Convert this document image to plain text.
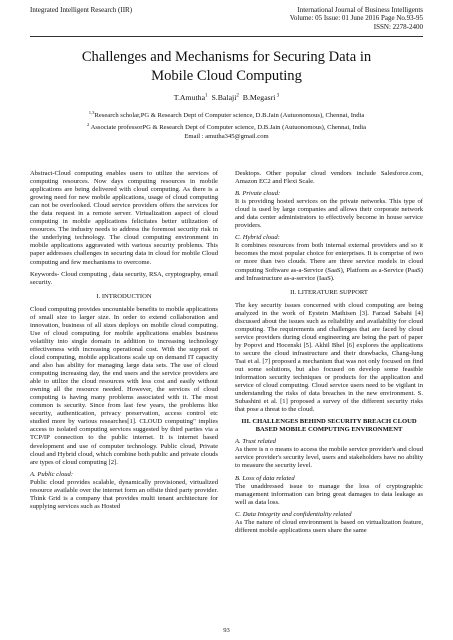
Integrated Intelligent Research (IIR)	International Journal of Business Intelligents
Volume: 05 Issue: 01 June 2016 Page No.93-95
ISSN: 2278-2400
Challenges and Mechanisms for Securing Data in
Mobile Cloud Computing
T.Amutha$^1$ S.Balaji$^2$ B.Megasri $^3$
$^{1,3}$Research scholar,PG & Research Dept of Computer science, D.B.Jain (Autuonomous), Chennai, India
$^2$ Associate professorPG & Research Dept of Computer science, D.B.Jain (Autuonomous), Chennai, India
Email : amutha345@gmail.com

Abstract-Cloud computing enables users to utilize the services of computing resources. Now days computing resources in mobile applications are being delivered with cloud computing. As there is a growing need for new mobile applications, usage of cloud computing can not be overlooked. Cloud service providers offers the services for the data request in a remote server. Virtualization aspect of cloud computing in mobile applications felicitates better utilization of resources. The industry needs to address the foremost security risk in the underlying technology. The cloud computing environment in mobile applications aggravated with various security problems. This paper addresses challenges in securing data in cloud for mobile Cloud computing and few mechanisms to overcome.

Keywords- Cloud computing , data security, RSA, cryptography, email security.

I. INTRODUCTION

Cloud computing provides uncountable benefits to mobile applications of small size to larger size. In order to extend collaboration and innovation, business of all sizes deploys on mobile cloud computing. Use of cloud computing for mobile applications enables business volatility into single domain in addition to increasing technology effectiveness with increasing operational cost. With the support of cloud computing, mobile applications scale up on demand IT capacity and also has ability for managing large data sets. The use of cloud computing increasing day, the end users and the service providers are able to utilize the cloud resources with less cost and easily without owning all the resource needed. However, the services of cloud computing is having many problems associated with it. The most common is security. Since from last few years, the problems like security, authentication, privacy preservation, access control etc studied more by various researches[1]. CLOUD computing" implies access to isolated computing services suggested by third parties via a TCP/IP connection to the public internet. It is internet based development and use of computer technology. Public cloud, Private cloud and Hybrid cloud, which combine both public and private clouds are types of cloud computing [2].

A. Public cloud:

Public cloud provides scalable, dynamically provisioned, virtualized resource available over the internet form an offsite third party provider. Think Grid is a company that provides multi tenant architecture for supplying services such as Hosted

Desktops. Other popular cloud vendors include Salesforce.com, Amazon EC2 and Flexi Scale.

B. Private cloud:

It is providing hosted services on the private networks. This type of cloud is used by large companies and allows their corporate network and data center administrators to effectively become in house service providers.

C. Hybrid cloud:

It combines resources from both internal external providers and so it becomes the most popular choice for enterprises. It is comprise of two or more than two clouds. There are three service models in cloud computing Software as-a-Service (SaaS), Platform as a-Service (PaaS) and Infrastructure as-a-service (IaaS).

II. LITERATURE SUPPORT

The key security issues concerned with cloud computing are being analyzed in the work of Eystein Mathisen [3]. Farzad Sabahi [4] discussed about the issues such as reliability and availability for cloud computing. The requirements and challenges that are faced by cloud service providers during cloud engineering are being the part of paper by Popovi and Hocenski [5]. Akhil Bhel [6] explores the applications to secure the cloud infrastructure and their drawbacks, Chang-lung Tsai et al. [7] proposed a mechanism that was not only focused on find out some solutions, but also focused on develop some feasible information security techniques or products for the application and service of cloud computing. Cloud service users need to be vigilant in understanding the risks of data breaches in the new environment. S. Subashini et al. [1] proposed a survey of the different security risks that pose a threat to the cloud.

III. CHALLENGES BEHIND SECURITY BREACH CLOUD BASED MOBILE COMPUTING ENVIRONMENT
A. Trust related

As there is n o means to access the mobile service provider's and cloud service provider's security level, users and stakeholders have no ability to measure the security level.

B. Loss of data related

The unaddressed issue to manage the loss of cryptographic management information can bring great damages to data leakage as well as data loss.

C. Data Integrity and confidentiality related

As The nature of cloud environment is based on virtualization feature, different mobile applications users share the same

93
